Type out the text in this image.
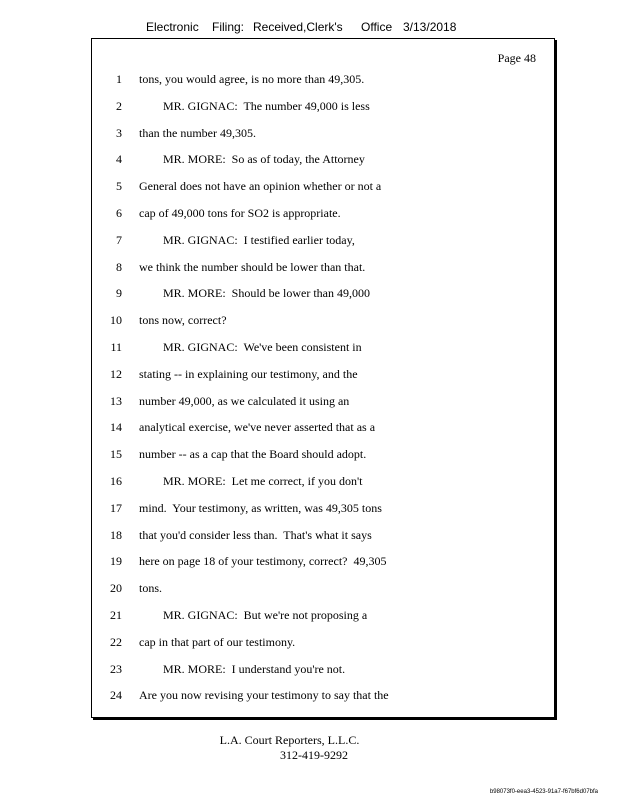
Electronic	Filing: Received,Clerk's	Office 3/13/2018
Page 48
1 tons, you would agree, is no more than 49,305.
2 MR. GIGNAC:  The number 49,000 is less
3 than the number 49,305.
4 MR. MORE:  So as of today, the Attorney
5 General does not have an opinion whether or not a
6 cap of 49,000 tons for SO2 is appropriate.
7 MR. GIGNAC:  I testified earlier today,
8 we think the number should be lower than that.
9 MR. MORE:  Should be lower than 49,000
10 tons now, correct?
11 MR. GIGNAC:  We've been consistent in
12 stating -- in explaining our testimony, and the
13 number 49,000, as we calculated it using an
14 analytical exercise, we've never asserted that as a
15 number -- as a cap that the Board should adopt.
16 MR. MORE:  Let me correct, if you don't
17 mind.  Your testimony, as written, was 49,305 tons
18 that you'd consider less than.  That's what it says
19 here on page 18 of your testimony, correct?  49,305
20 tons.
21 MR. GIGNAC:  But we're not proposing a
22 cap in that part of our testimony.
23 MR. MORE:  I understand you're not.
24 Are you now revising your testimony to say that the
L.A. Court Reporters, L.L.C.
312-419-9292
b98073f0-eea3-4523-91a7-f67bf6d07bfa
